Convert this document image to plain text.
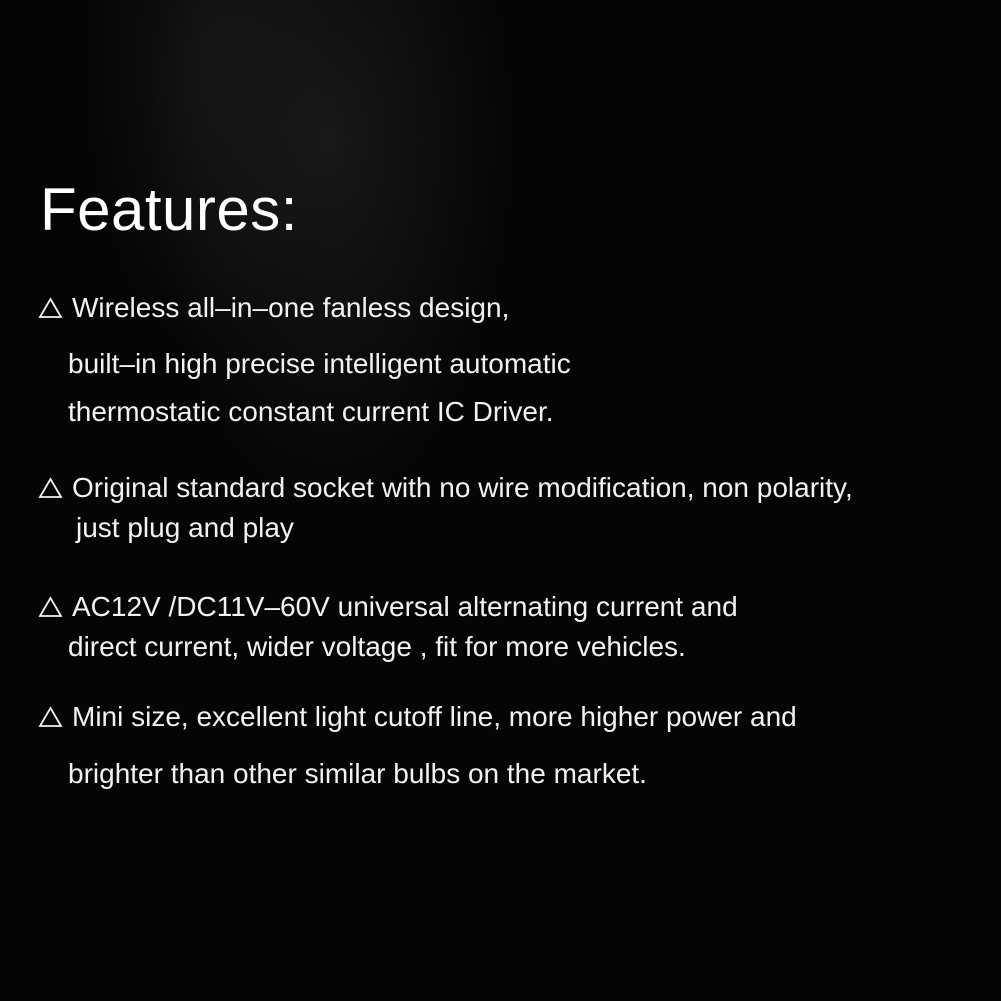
Features:
Wireless all–in–one fanless design,
built–in high precise intelligent automatic
thermostatic constant current IC Driver.
Original standard socket with no wire modification, non polarity,
just plug and play
AC12V /DC11V–60V universal alternating current and
direct current, wider voltage , fit for more vehicles.
Mini size, excellent light cutoff line, more higher power and
brighter than other similar bulbs on the market.
